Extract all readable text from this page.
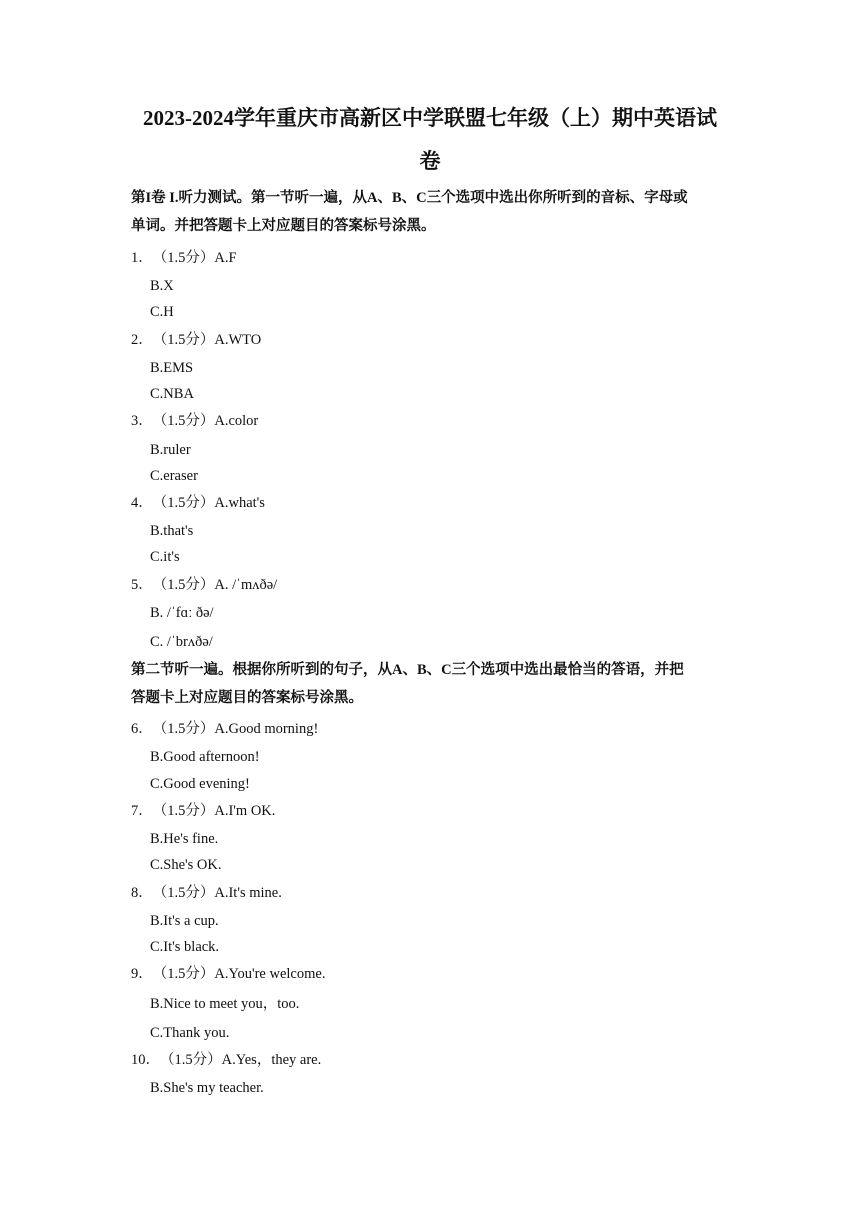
2023-2024学年重庆市高新区中学联盟七年级（上）期中英语试
卷
第I卷 I.听力测试。第一节听一遍，从A、B、C三个选项中选出你所听到的音标、字母或
单词。并把答题卡上对应题目的答案标号涂黑。
1．（1.5分）A.F
B.X
C.H
2．（1.5分）A.WTO
B.EMS
C.NBA
3．（1.5分）A.color
B.ruler
C.eraser
4．（1.5分）A.what's
B.that's
C.it's
5．（1.5分）A. /ˈmʌðə/
B. /ˈfɑː ðə/
C. /ˈbrʌðə/
第二节听一遍。根据你所听到的句子，从A、B、C三个选项中选出最恰当的答语，并把
答题卡上对应题目的答案标号涂黑。
6．（1.5分）A.Good morning!
B.Good afternoon!
C.Good evening!
7．（1.5分）A.I'm OK.
B.He's fine.
C.She's OK.
8．（1.5分）A.It's mine.
B.It's a cup.
C.It's black.
9．（1.5分）A.You're welcome.
B.Nice to meet you，too.
C.Thank you.
10．（1.5分）A.Yes，they are.
B.She's my teacher.
